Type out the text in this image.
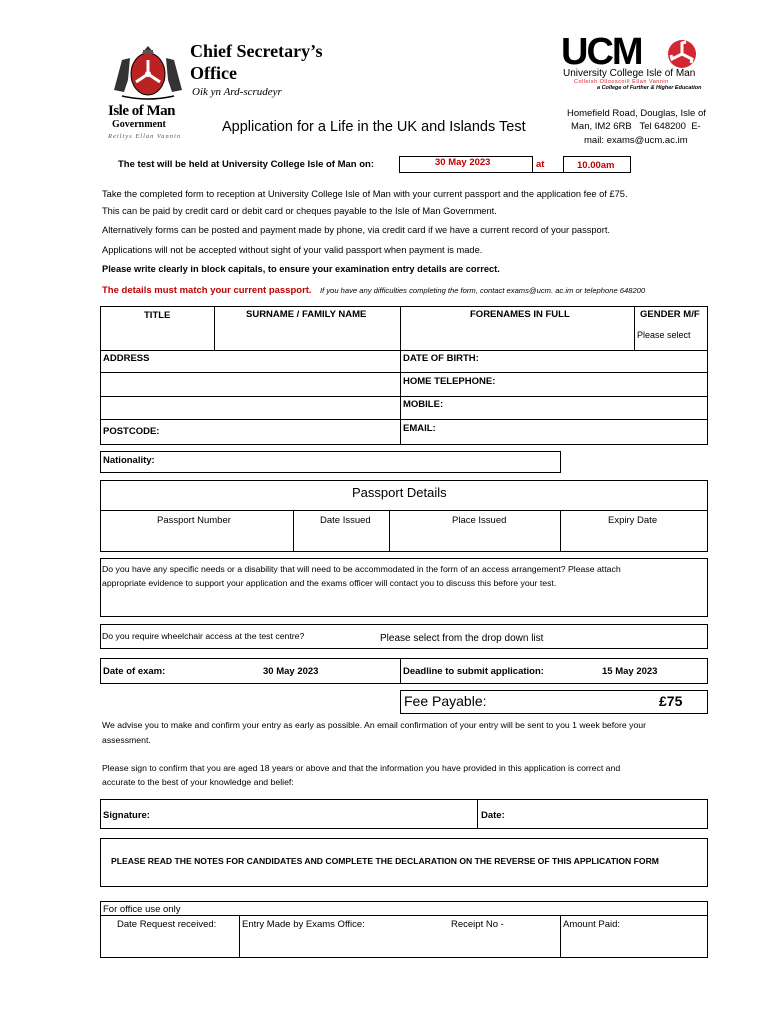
Chief Secretary’s
Office
Oik yn Ard-scrudeyr
Isle of Man
Government
Reiltys Ellan Vannin
UCM
University College Isle of Man
Colleish Ollooscoill Ellan Vannin
a College of Further & Higher Education
Homefield Road, Douglas, Isle of
Man, IM2 6RB   Tel 648200  E-
mail: exams@ucm.ac.im
Application for a Life in the UK and Islands Test
The test will be held at University College Isle of Man on:	30 May 2023	at	10.00am
Take the completed form to reception at University College Isle of Man with your current passport and the application fee of £75.
This can be paid by credit card or debit card or cheques payable to the Isle of Man Government.
Alternatively forms can be posted and payment made by phone, via credit card if we have a current record of your passport.
Applications will not be accepted without sight of your valid passport when payment is made.
Please write clearly in block capitals, to ensure your examination entry details are correct.
The details must match your current passport. If you have any difficulties completing the form, contact exams@ucm. ac.im or telephone 648200
TITLE	SURNAME / FAMILY NAME	FORENAMES IN FULL	GENDER M/F
Please select
ADDRESS	DATE OF BIRTH:
HOME TELEPHONE:
MOBILE:
POSTCODE:	EMAIL:
Nationality:
Passport Details
Passport Number	Date Issued	Place Issued	Expiry Date
Do you have any specific needs or a disability that will need to be accommodated in the form of an access arrangement? Please attach
appropriate evidence to support your application and the exams officer will contact you to discuss this before your test.
Do you require wheelchair access at the test centre?	Please select from the drop down list
Date of exam:	30 May 2023	Deadline to submit application:	15 May 2023
Fee Payable:	£75
We advise you to make and confirm your entry as early as possible. An email confirmation of your entry will be sent to you 1 week before your
assessment.
Please sign to confirm that you are aged 18 years or above and that the information you have provided in this application is correct and
accurate to the best of your knowledge and belief:
Signature:	Date:
PLEASE READ THE NOTES FOR CANDIDATES AND COMPLETE THE DECLARATION ON THE REVERSE OF THIS APPLICATION FORM
For office use only
Date Request received:	Entry Made by Exams Office:	Receipt No -	Amount Paid:
